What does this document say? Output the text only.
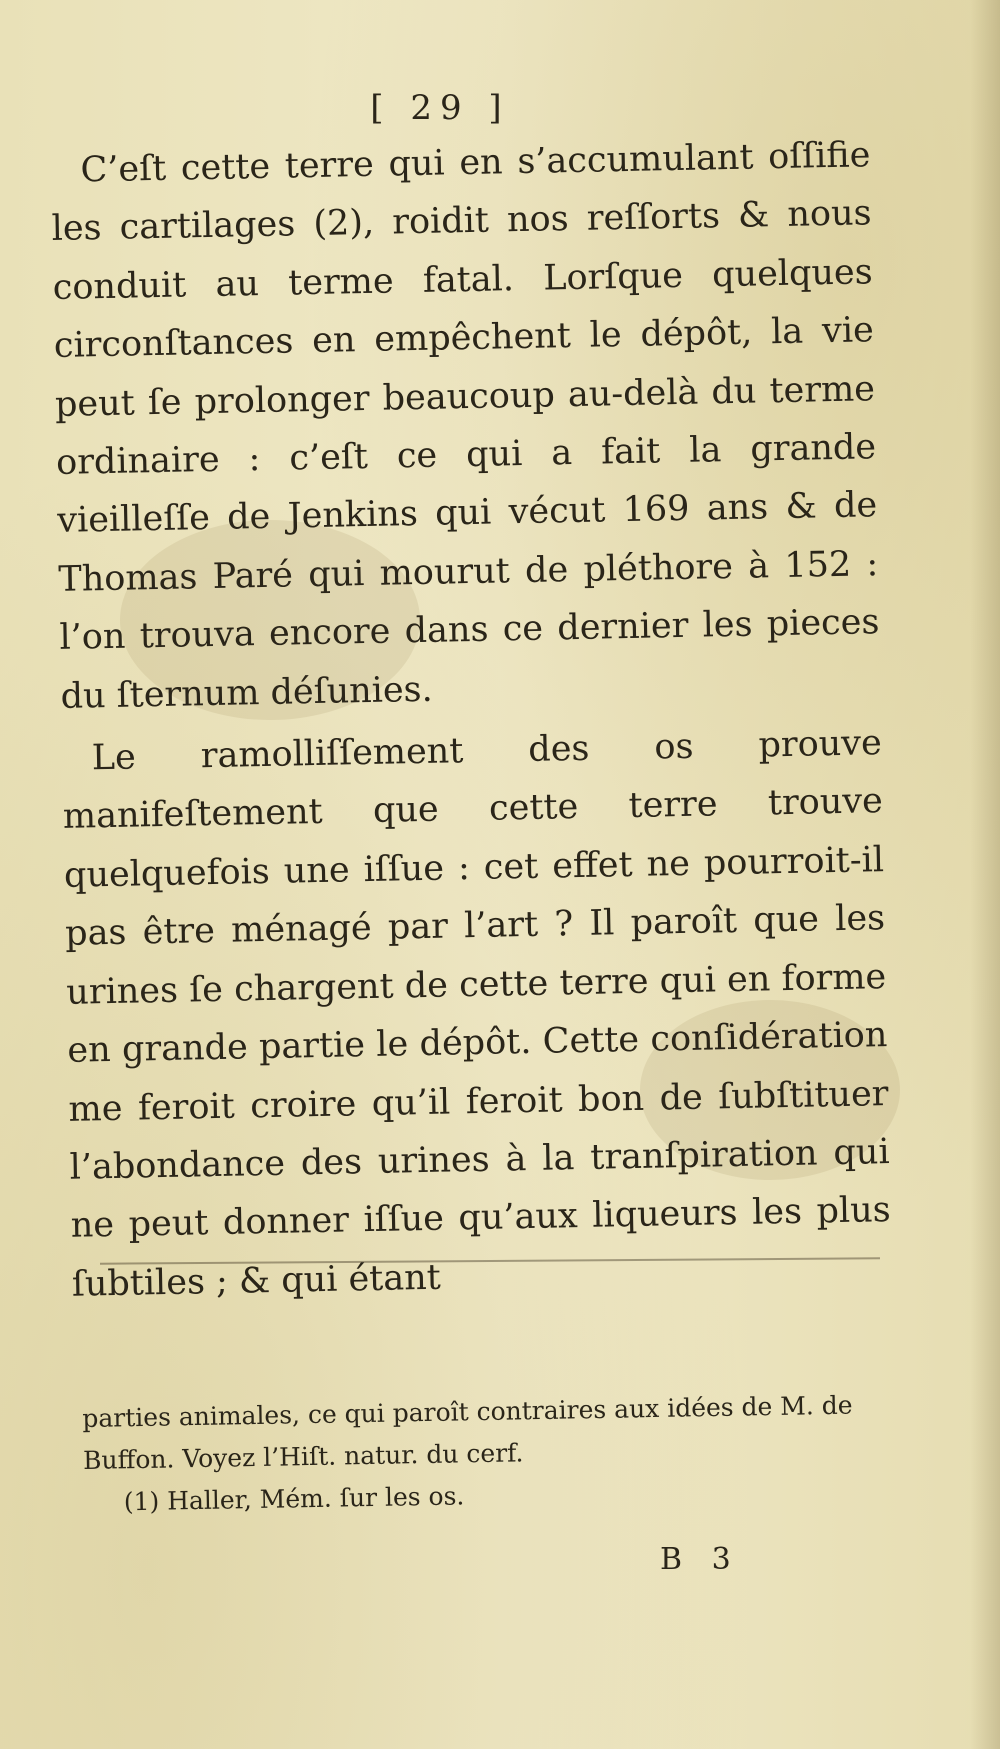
[ 29 ]

C’eſt cette terre qui en s’accumulant oſſifie les cartilages (2), roidit nos reſſorts & nous conduit au terme fatal. Lorſque quelques circonſtances en empêchent le dépôt, la vie peut ſe prolonger beaucoup au-delà du terme ordinaire : c’eſt ce qui a fait la grande vieilleſſe de Jenkins qui vécut 169 ans & de Thomas Paré qui mourut de pléthore à 152 : l’on trouva encore dans ce dernier les pieces du ſternum déſunies.

Le ramolliſſement des os prouve manifeſtement que cette terre trouve quelquefois une iſſue : cet effet ne pourroit-il pas être ménagé par l’art ? Il paroît que les urines ſe chargent de cette terre qui en forme en grande partie le dépôt. Cette conſidération me feroit croire qu’il feroit bon de ſubſtituer l’abondance des urines à la tranſpiration qui ne peut donner iſſue qu’aux liqueurs les plus ſubtiles ; & qui étant

parties animales, ce qui paroît contraires aux idées de M. de Buffon. Voyez l’Hiſt. natur. du cerf.

(1) Haller, Mém. ſur les os.

B 3
